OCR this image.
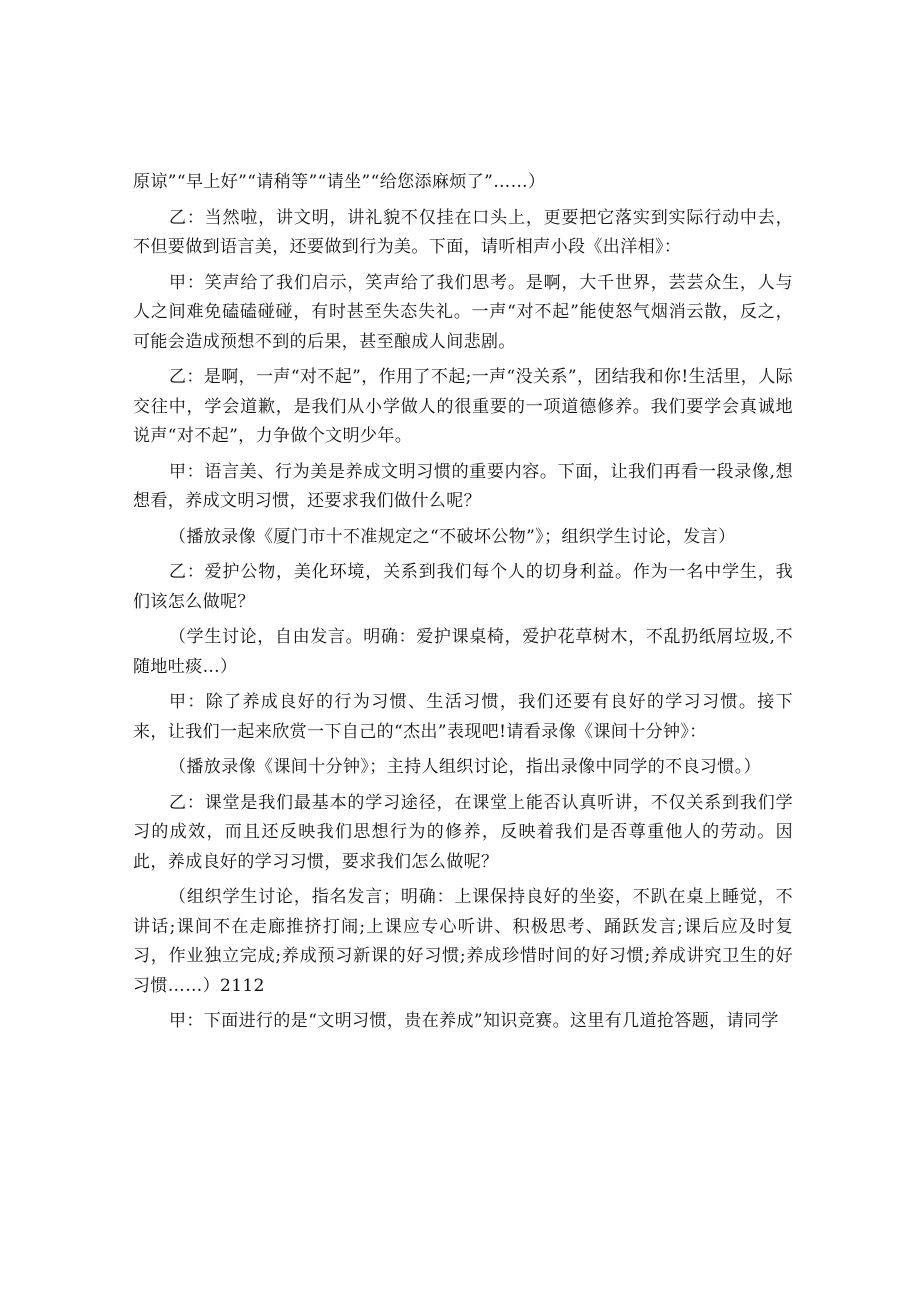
原谅”“早上好”“请稍等”“请坐”“给您添麻烦了”……）

乙：当然啦，讲文明，讲礼貌不仅挂在口头上，更要把它落实到实际行动中去，不但要做到语言美，还要做到行为美。下面，请听相声小段《出洋相》：

甲：笑声给了我们启示，笑声给了我们思考。是啊，大千世界，芸芸众生，人与人之间难免磕磕碰碰，有时甚至失态失礼。一声“对不起”能使怒气烟消云散，反之，可能会造成预想不到的后果，甚至酿成人间悲剧。

乙：是啊，一声“对不起”，作用了不起;一声“没关系”，团结我和你!生活里，人际交往中，学会道歉，是我们从小学做人的很重要的一项道德修养。我们要学会真诚地说声“对不起”，力争做个文明少年。

甲：语言美、行为美是养成文明习惯的重要内容。下面，让我们再看一段录像,想想看，养成文明习惯，还要求我们做什么呢？

（播放录像《厦门市十不准规定之“不破坏公物”》；组织学生讨论，发言）

乙：爱护公物，美化环境，关系到我们每个人的切身利益。作为一名中学生，我们该怎么做呢？

（学生讨论，自由发言。明确：爱护课桌椅，爱护花草树木，不乱扔纸屑垃圾,不随地吐痰…）

甲：除了养成良好的行为习惯、生活习惯，我们还要有良好的学习习惯。接下来，让我们一起来欣赏一下自己的“杰出”表现吧!请看录像《课间十分钟》：

（播放录像《课间十分钟》；主持人组织讨论，指出录像中同学的不良习惯。）

乙：课堂是我们最基本的学习途径，在课堂上能否认真听讲，不仅关系到我们学习的成效，而且还反映我们思想行为的修养，反映着我们是否尊重他人的劳动。因此，养成良好的学习习惯，要求我们怎么做呢？

（组织学生讨论，指名发言；明确：上课保持良好的坐姿，不趴在桌上睡觉，不讲话;课间不在走廊推挤打闹;上课应专心听讲、积极思考、踊跃发言;课后应及时复习，作业独立完成;养成预习新课的好习惯;养成珍惜时间的好习惯;养成讲究卫生的好习惯……）2112

甲：下面进行的是“文明习惯，贵在养成”知识竞赛。这里有几道抢答题，请同学
